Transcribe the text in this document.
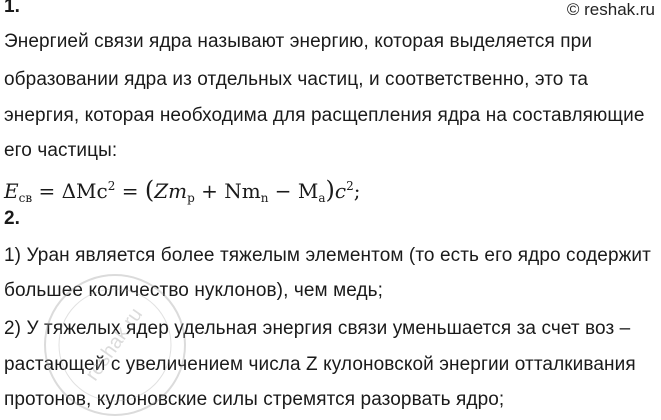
1.	© reshak.ru
Энергией связи ядра называют энергию, которая выделяется при
образовании ядра из отдельных частиц, и соответственно, это та
энергия, которая необходима для расщепления ядра на составляющие
его частицы:
$E_{св} = \Delta Mc^2 = (Zm_p + Nm_n - M_a)c^2$;
2.
1) Уран является более тяжелым элементом (то есть его ядро содержит
большее количество нуклонов), чем медь;
2) У тяжелых ядер удельная энергия связи уменьшается за счет воз –
растающей с увеличением числа Z кулоновской энергии отталкивания
протонов, кулоновские силы стремятся разорвать ядро;
reshak.ru
